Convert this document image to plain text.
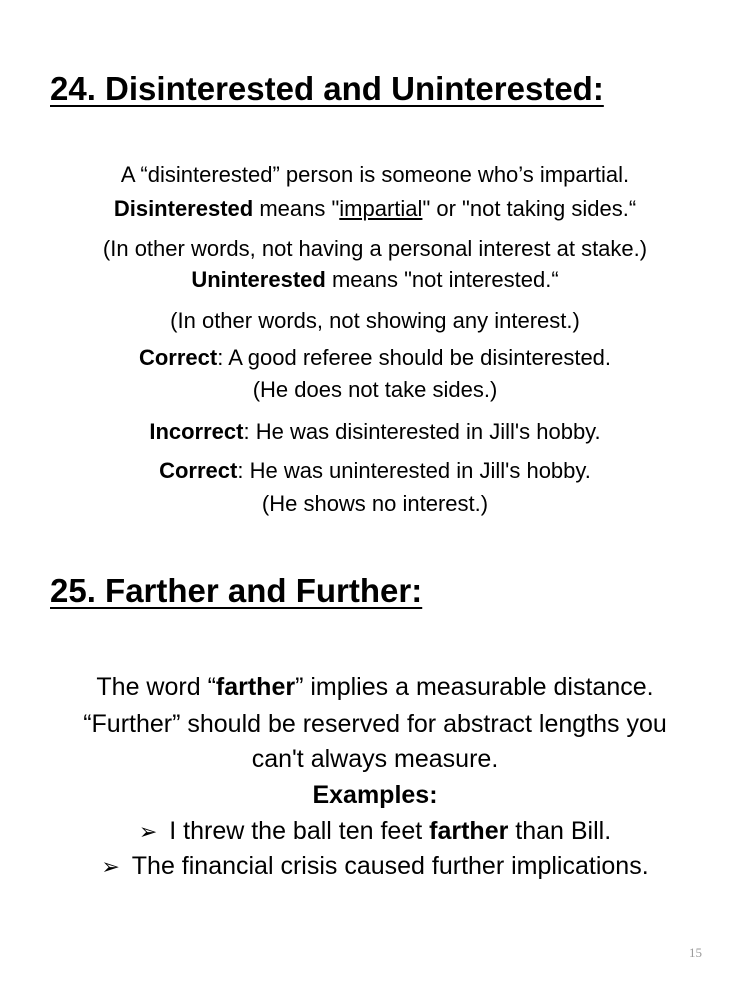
24. Disinterested and Uninterested:
A “disinterested” person is someone who’s impartial.
Disinterested means "impartial" or "not taking sides.“
(In other words, not having a personal interest at stake.)
Uninterested means "not interested.“
(In other words, not showing any interest.)
Correct: A good referee should be disinterested.
(He does not take sides.)
Incorrect: He was disinterested in Jill's hobby.
Correct: He was uninterested in Jill's hobby.
(He shows no interest.)
25. Farther and Further:
The word “farther” implies a measurable distance.
“Further” should be reserved for abstract lengths you
can't always measure.
Examples:
➢ I threw the ball ten feet farther than Bill.
➢ The financial crisis caused further implications.
15
